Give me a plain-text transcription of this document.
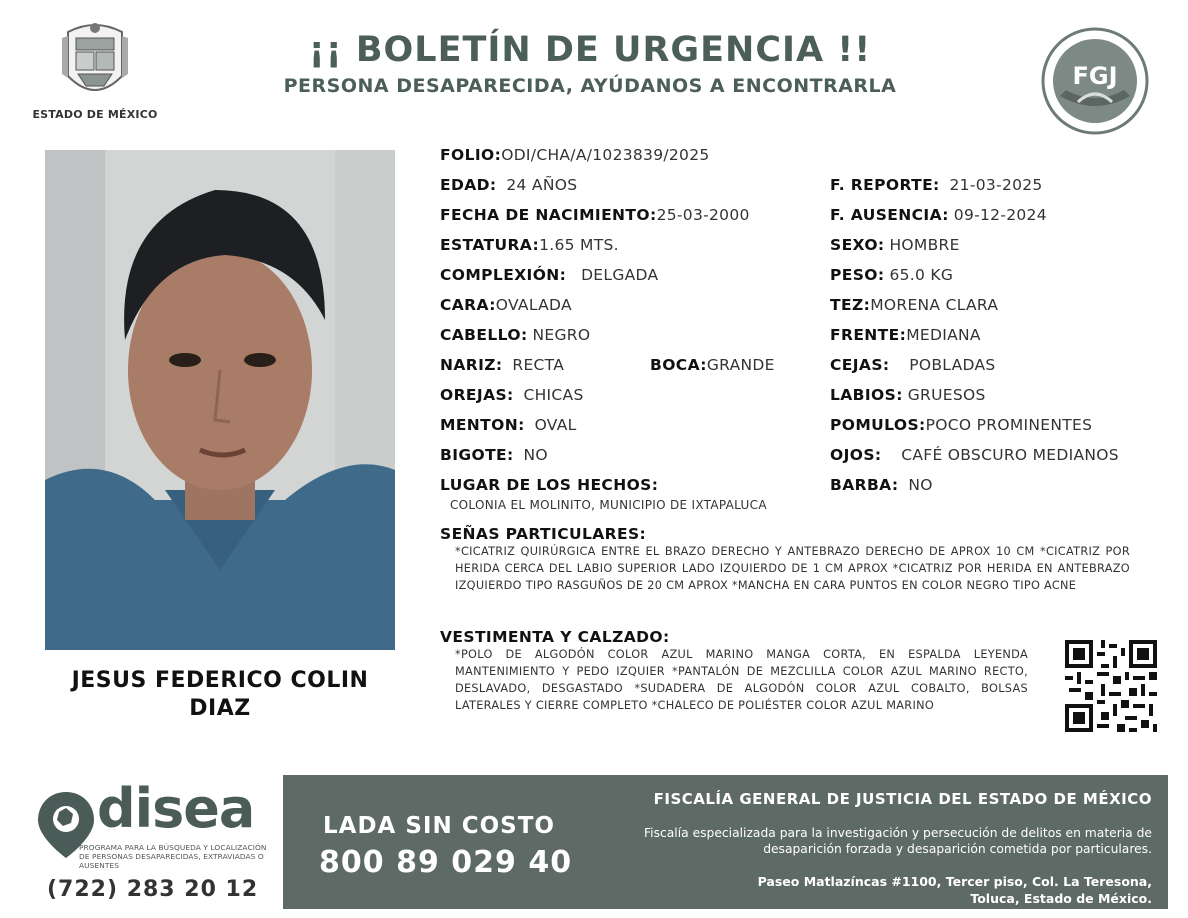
ESTADO DE MÉXICO
¡¡ BOLETÍN DE URGENCIA !!
PERSONA DESAPARECIDA, AYÚDANOS A ENCONTRARLA	FGJ
JESUS FEDERICO COLIN
DIAZ
FOLIO:ODI/CHA/A/1023839/2025
EDAD: 24 AÑOS
FECHA DE NACIMIENTO:25-03-2000
ESTATURA:1.65 MTS.
COMPLEXIÓN: DELGADA
CARA:OVALADA
CABELLO: NEGRO
NARIZ: RECTA	BOCA:GRANDE
OREJAS: CHICAS
MENTON: OVAL
BIGOTE: NO
LUGAR DE LOS HECHOS:
COLONIA EL MOLINITO, MUNICIPIO DE IXTAPALUCA
F. REPORTE: 21-03-2025
F. AUSENCIA: 09-12-2024
SEXO: HOMBRE
PESO: 65.0 KG
TEZ:MORENA CLARA
FRENTE:MEDIANA
CEJAS: POBLADAS
LABIOS: GRUESOS
POMULOS:POCO PROMINENTES
OJOS: CAFÉ OBSCURO MEDIANOS
BARBA: NO
SEÑAS PARTICULARES:
*CICATRIZ QUIRÚRGICA ENTRE EL BRAZO DERECHO Y ANTEBRAZO DERECHO DE APROX 10 CM *CICATRIZ POR HERIDA CERCA DEL LABIO SUPERIOR LADO IZQUIERDO DE 1 CM APROX *CICATRIZ POR HERIDA EN ANTEBRAZO IZQUIERDO TIPO RASGUÑOS DE 20 CM APROX *MANCHA EN CARA PUNTOS EN COLOR NEGRO TIPO ACNE
VESTIMENTA Y CALZADO:
*POLO DE ALGODÓN COLOR AZUL MARINO MANGA CORTA, EN ESPALDA LEYENDA MANTENIMIENTO Y PEDO IZQUIER *PANTALÓN DE MEZCLILLA COLOR AZUL MARINO RECTO, DESLAVADO, DESGASTADO *SUDADERA DE ALGODÓN COLOR AZUL COBALTO, BOLSAS LATERALES Y CIERRE COMPLETO *CHALECO DE POLIÉSTER COLOR AZUL MARINO
disea
PROGRAMA PARA LA BÚSQUEDA Y LOCALIZACIÓN DE PERSONAS DESAPARECIDAS, EXTRAVIADAS O AUSENTES
(722) 283 20 12
LADA SIN COSTO
800 89 029 40
FISCALÍA GENERAL DE JUSTICIA DEL ESTADO DE MÉXICO
Fiscalía especializada para la investigación y persecución de delitos en materia de desaparición forzada y desaparición cometida por particulares.
Paseo Matlazíncas #1100, Tercer piso, Col. La Teresona,
Toluca, Estado de México.
